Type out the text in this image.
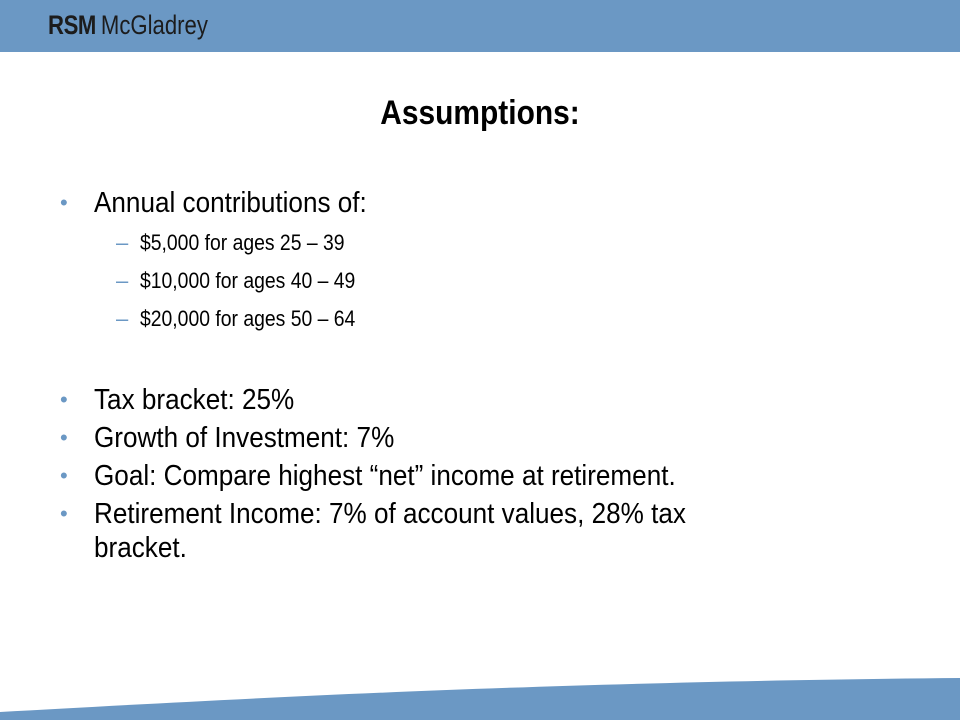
RSM McGladrey
Assumptions:
• Annual contributions of:
– $5,000 for ages 25 – 39
– $10,000 for ages 40 – 49
– $20,000 for ages 50 – 64
• Tax bracket: 25%
• Growth of Investment: 7%
• Goal: Compare highest “net” income at retirement.
• Retirement Income: 7% of account values, 28% tax
bracket.
